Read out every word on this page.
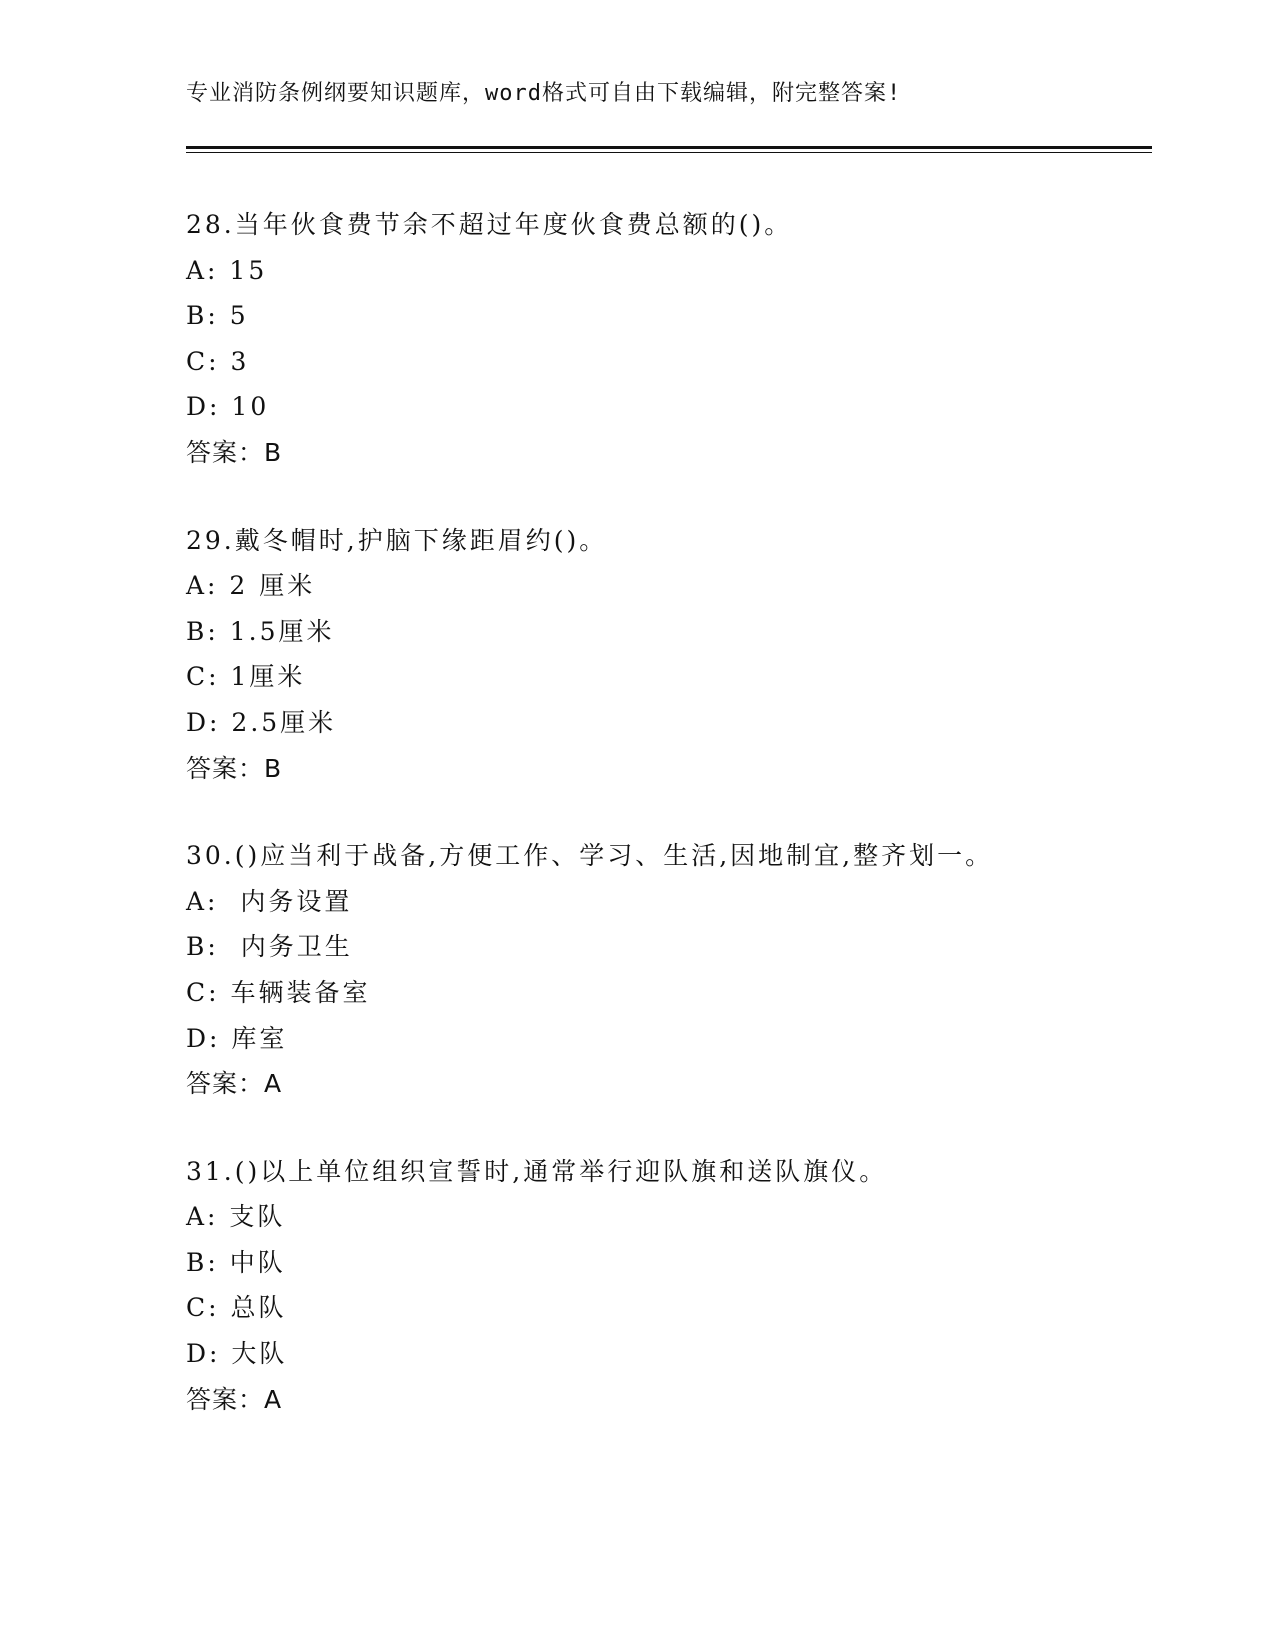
专业消防条例纲要知识题库，word格式可自由下载编辑，附完整答案!
28.当年伙食费节余不超过年度伙食费总额的()。
A: 15
B: 5
C: 3
D: 10
答案：B
29.戴冬帽时,护脑下缘距眉约()。
A: 2 厘米
B: 1.5厘米
C: 1厘米
D: 2.5厘米
答案：B
30.()应当利于战备,方便工作、学习、生活,因地制宜,整齐划一。
A:  内务设置
B:  内务卫生
C: 车辆装备室
D: 库室
答案：A
31.()以上单位组织宣誓时,通常举行迎队旗和送队旗仪。
A: 支队
B: 中队
C: 总队
D: 大队
答案：A
